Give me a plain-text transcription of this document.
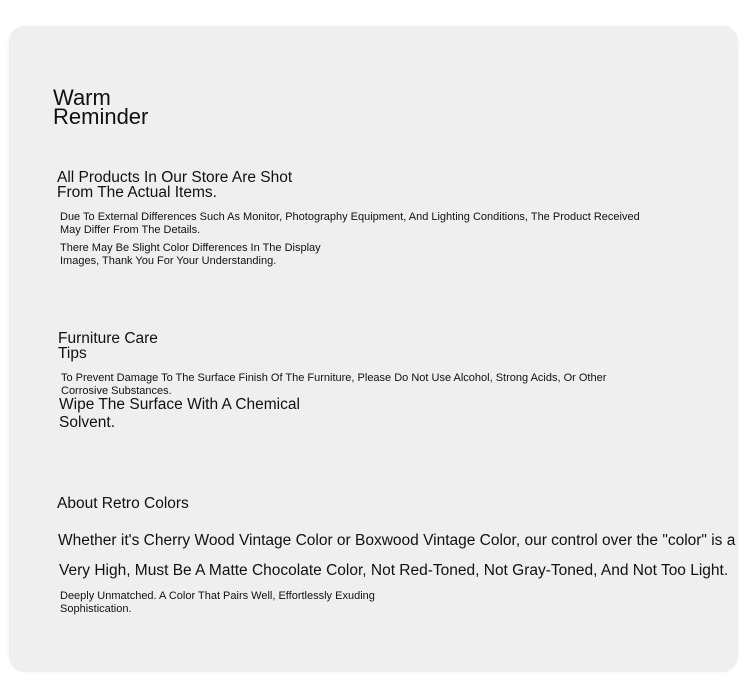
Warm
Reminder
All Products In Our Store Are Shot
From The Actual Items.
Due To External Differences Such As Monitor, Photography Equipment, And Lighting Conditions, The Product Received
May Differ From The Details.
There May Be Slight Color Differences In The Display
Images, Thank You For Your Understanding.
Furniture Care
Tips
To Prevent Damage To The Surface Finish Of The Furniture, Please Do Not Use Alcohol, Strong Acids, Or Other
Corrosive Substances.
Wipe The Surface With A Chemical
Solvent.
About Retro Colors
Whether it's Cherry Wood Vintage Color or Boxwood Vintage Color, our control over the "color" is a
Very High, Must Be A Matte Chocolate Color, Not Red-Toned, Not Gray-Toned, And Not Too Light.
Deeply Unmatched. A Color That Pairs Well, Effortlessly Exuding
Sophistication.
